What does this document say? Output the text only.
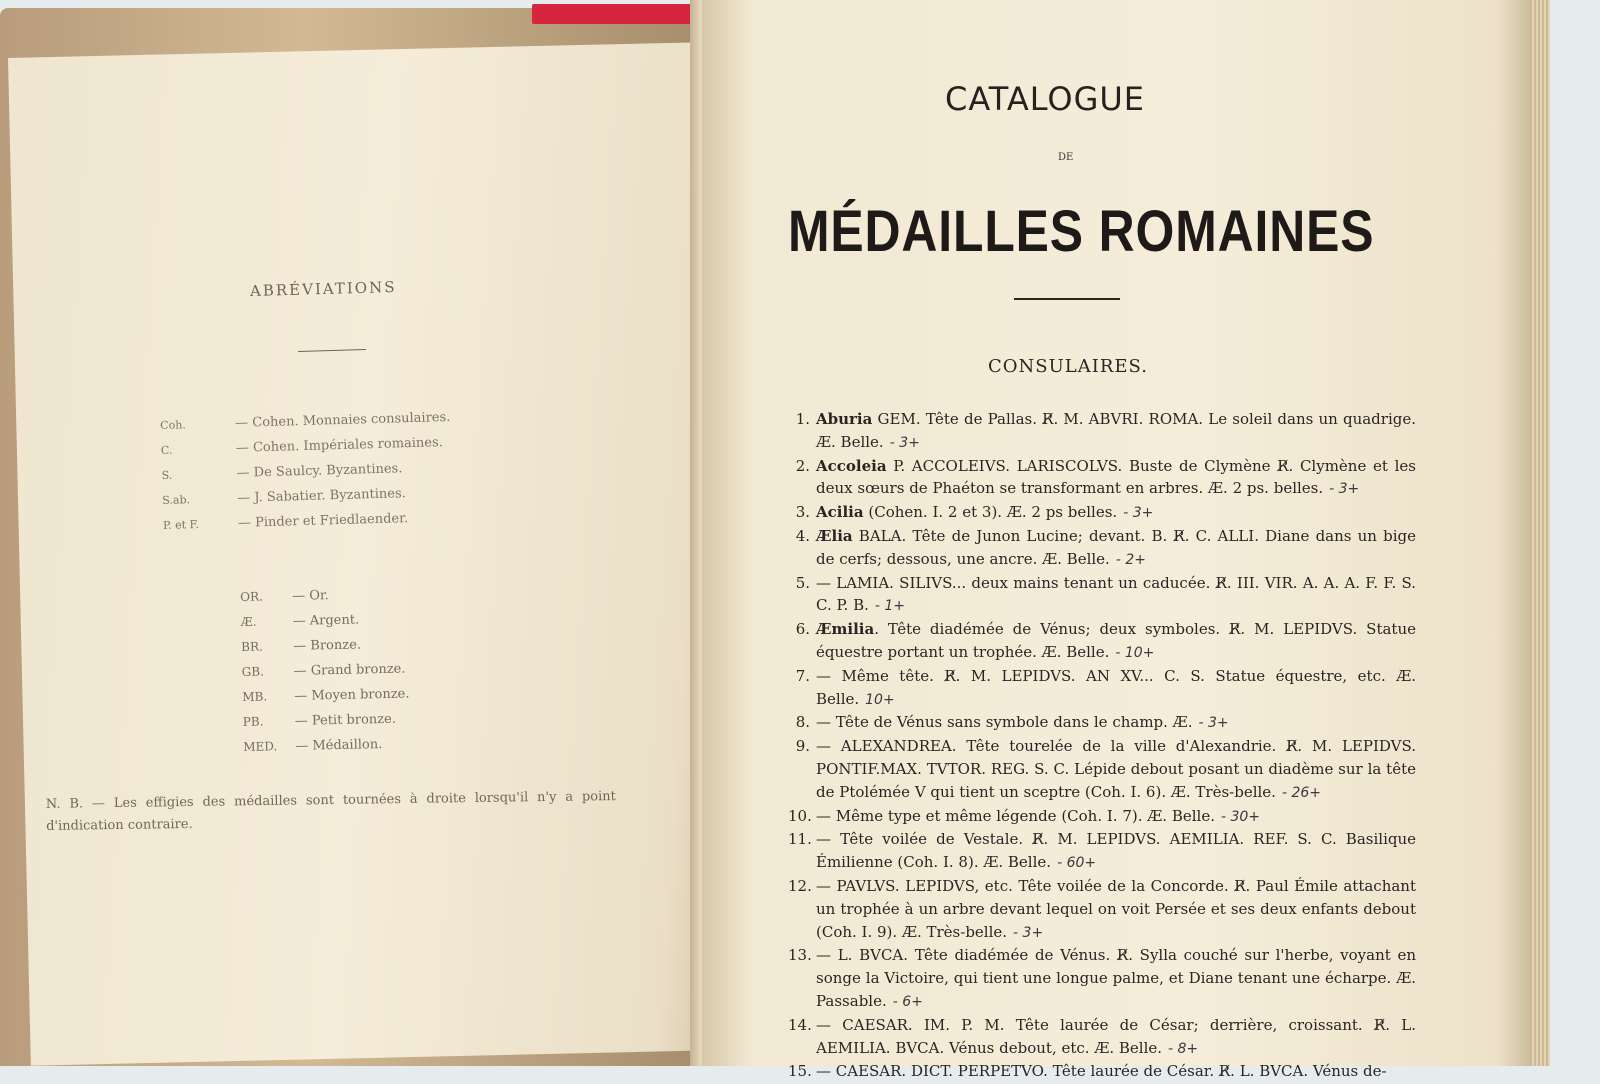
ABRÉVIATIONS
Coh.	— Cohen. Monnaies consulaires.
C.	— Cohen. Impériales romaines.
S.	— De Saulcy. Byzantines.
S.ab.	— J. Sabatier. Byzantines.
P. et F.	— Pinder et Friedlaender.
OR. — Or.
Æ.	— Argent.
BR. — Bronze.
GB. — Grand bronze.
MB. — Moyen bronze.
PB. — Petit bronze.
MED. — Médaillon.
N. B. — Les effigies des médailles sont tournées à droite lorsqu'il n'y a point d'indication contraire.
CATALOGUE
DE
MÉDAILLES ROMAINES
CONSULAIRES.
1. Aburia GEM. Tête de Pallas. R̸. M. ABVRI. ROMA. Le soleil dans un quadrige. Æ. Belle. - 3+
2. Accoleia P. ACCOLEIVS. LARISCOLVS. Buste de Clymène R̸. Clymène et les deux sœurs de Phaéton se transformant en arbres. Æ. 2 ps. belles. - 3+
3. Acilia (Cohen. I. 2 et 3). Æ. 2 ps belles. - 3+
4. Ælia BALA. Tête de Junon Lucine; devant. B. R̸. C. ALLI. Diane dans un bige de cerfs; dessous, une ancre. Æ. Belle. - 2+
5. — LAMIA. SILIVS... deux mains tenant un caducée. R̸. III. VIR. A. A. A. F. F. S. C. P. B. - 1+
6. Æmilia. Tête diadémée de Vénus; deux symboles. R̸. M. LEPIDVS. Statue équestre portant un trophée. Æ. Belle. - 10+
7. — Même tête. R̸. M. LEPIDVS. AN XV... C. S. Statue équestre, etc. Æ. Belle. 10+
8. — Tête de Vénus sans symbole dans le champ. Æ. - 3+
9. — ALEXANDREA. Tête tourelée de la ville d'Alexandrie. R̸. M. LEPIDVS. PONTIF.MAX. TVTOR. REG. S. C. Lépide debout posant un diadème sur la tête de Ptolémée V qui tient un sceptre (Coh. I. 6). Æ. Très-belle. - 26+
10. — Même type et même légende (Coh. I. 7). Æ. Belle. - 30+
11. — Tête voilée de Vestale. R̸. M. LEPIDVS. AEMILIA. REF. S. C. Basilique Émilienne (Coh. I. 8). Æ. Belle. - 60+
12. — PAVLVS. LEPIDVS, etc. Tête voilée de la Concorde. R̸. Paul Émile attachant un trophée à un arbre devant lequel on voit Persée et ses deux enfants debout (Coh. I. 9). Æ. Très-belle. - 3+
13. — L. BVCA. Tête diadémée de Vénus. R̸. Sylla couché sur l'herbe, voyant en songe la Victoire, qui tient une longue palme, et Diane tenant une écharpe. Æ. Passable. - 6+
14. — CAESAR. IM. P. M. Tête laurée de César; derrière, croissant. R̸. L. AEMILIA. BVCA. Vénus debout, etc. Æ. Belle. - 8+
15. — CAESAR. DICT. PERPETVO. Tête laurée de César. R̸. L. BVCA. Vénus de-
